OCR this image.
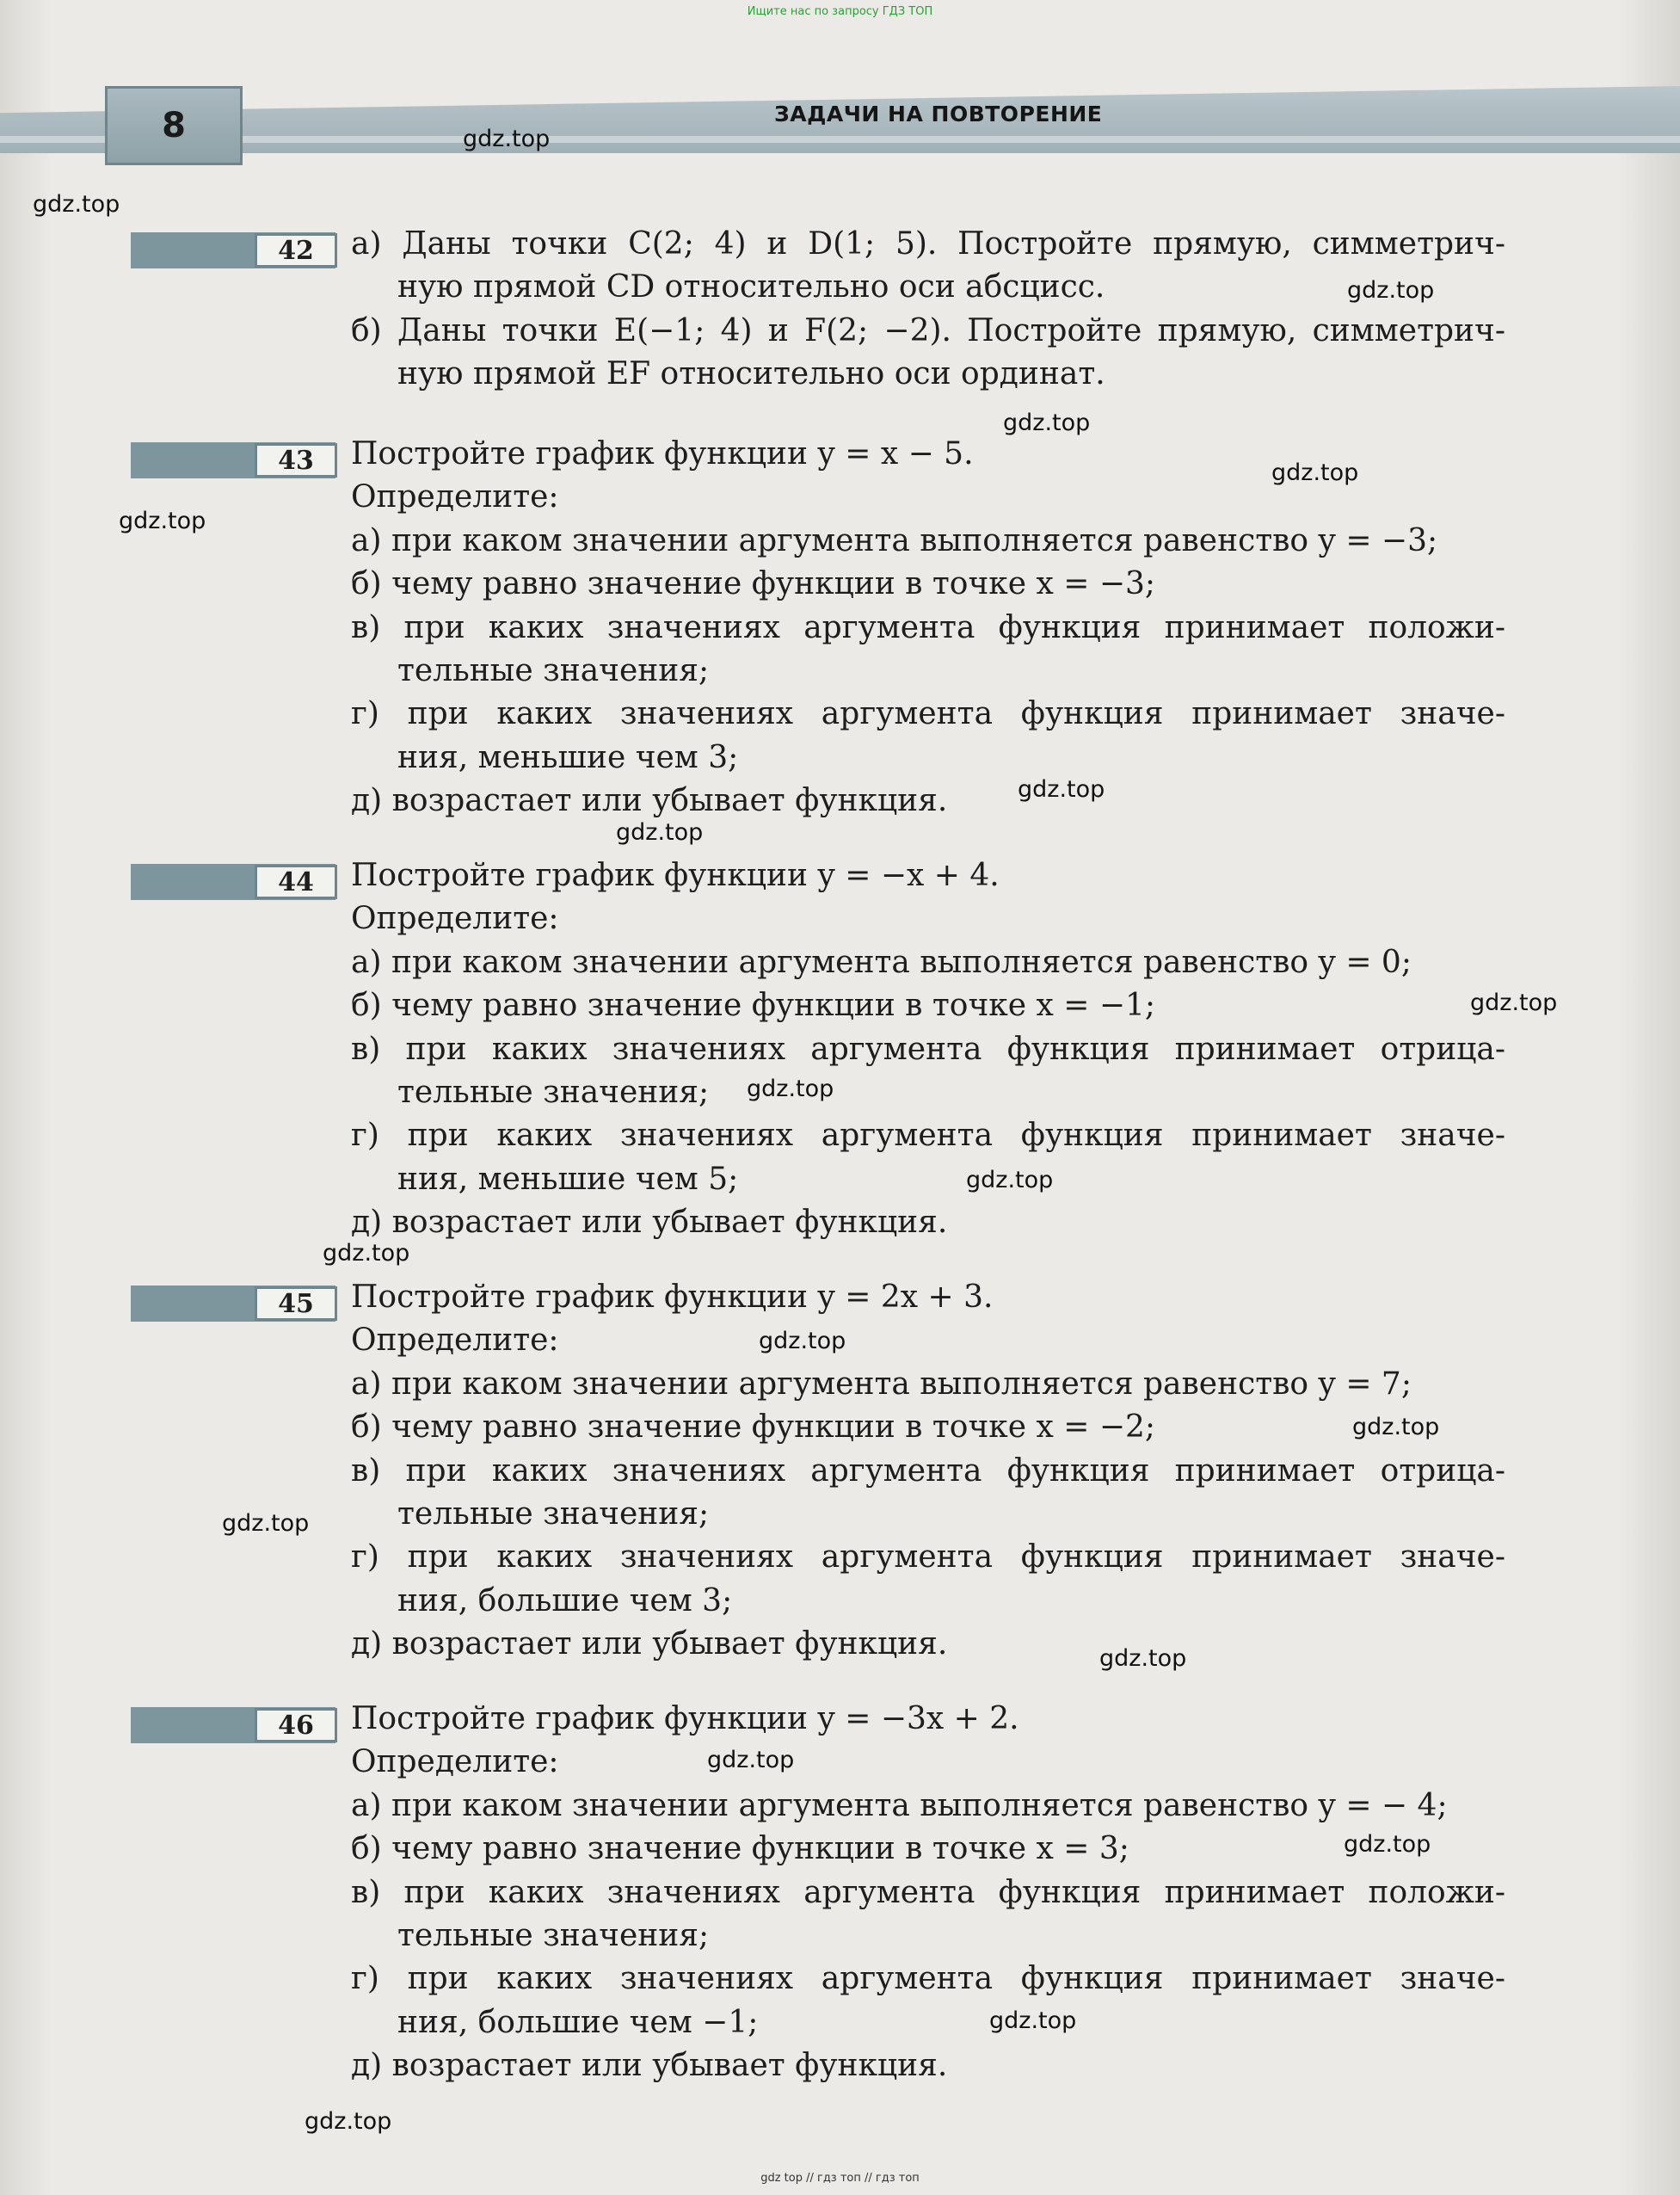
Ищите нас по запросу ГДЗ ТОП
8	ЗАДАЧИ НА ПОВТОРЕНИЕ
42	а) Даны точки C(2; 4) и D(1; 5). Постройте прямую, симметрич-
ную прямой CD относительно оси абсцисс.
б) Даны точки E(−1; 4) и F(2; −2). Постройте прямую, симметрич-
ную прямой EF относительно оси ординат.
43	Постройте график функции y = x − 5.
Определите:
а) при каком значении аргумента выполняется равенство y = −3;
б) чему равно значение функции в точке x = −3;
в) при каких значениях аргумента функция принимает положи-
тельные значения;
г) при каких значениях аргумента функция принимает значе-
ния, меньшие чем 3;
д) возрастает или убывает функция.
44	Постройте график функции y = −x + 4.
Определите:
а) при каком значении аргумента выполняется равенство y = 0;
б) чему равно значение функции в точке x = −1;
в) при каких значениях аргумента функция принимает отрица-
тельные значения;
г) при каких значениях аргумента функция принимает значе-
ния, меньшие чем 5;
д) возрастает или убывает функция.
45	Постройте график функции y = 2x + 3.
Определите:
а) при каком значении аргумента выполняется равенство y = 7;
б) чему равно значение функции в точке x = −2;
в) при каких значениях аргумента функция принимает отрица-
тельные значения;
г) при каких значениях аргумента функция принимает значе-
ния, большие чем 3;
д) возрастает или убывает функция.
46	Постройте график функции y = −3x + 2.
Определите:
а) при каком значении аргумента выполняется равенство y = − 4;
б) чему равно значение функции в точке x = 3;
в) при каких значениях аргумента функция принимает положи-
тельные значения;
г) при каких значениях аргумента функция принимает значе-
ния, большие чем −1;
д) возрастает или убывает функция.
gdz.top
gdz.top
gdz.top
gdz.top
gdz.top
gdz.top
gdz.top
gdz.top
gdz.top
gdz.top
gdz.top
gdz.top
gdz.top
gdz.top
gdz.top
gdz.top
gdz.top
gdz.top
gdz.top
gdz.top
gdz top // гдз топ // гдз топ
